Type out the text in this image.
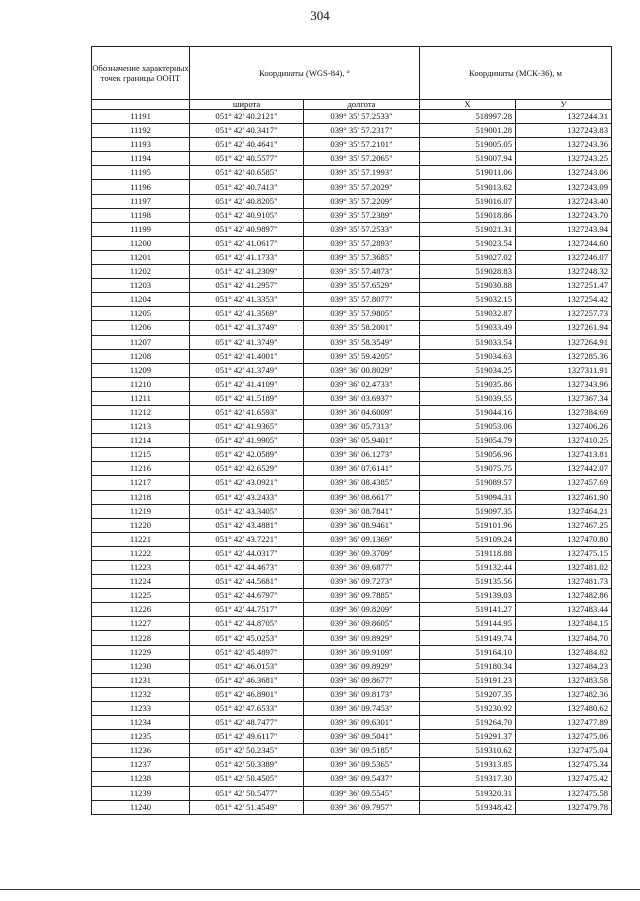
304
Обозначение характерных точек границы ООПТ	Координаты (WGS-84), °		Координаты (МСК-36), м	
	широта	долгота	X	У
11191	051° 42' 40.2121"	039° 35' 57.2533"	518997.28	1327244.31
11192	051° 42' 40.3417"	039° 35' 57.2317"	519001.28	1327243.83
11193	051° 42' 40.4641"	039° 35' 57.2101"	519005.05	1327243.36
11194	051° 42' 40.5577"	039° 35' 57.2065"	519007.94	1327243.25
11195	051° 42' 40.6585"	039° 35' 57.1993"	519011.06	1327243.06
11196	051° 42' 40.7413"	039° 35' 57.2029"	519013.62	1327243.09
11197	051° 42' 40.8205"	039° 35' 57.2209"	519016.07	1327243.40
11198	051° 42' 40.9105"	039° 35' 57.2389"	519018.86	1327243.70
11199	051° 42' 40.9897"	039° 35' 57.2533"	519021.31	1327243.94
11200	051° 42' 41.0617"	039° 35' 57.2893"	519023.54	1327244.60
11201	051° 42' 41.1733"	039° 35' 57.3685"	519027.02	1327246.07
11202	051° 42' 41.2309"	039° 35' 57.4873"	519028.83	1327248.32
11203	051° 42' 41.2957"	039° 35' 57.6529"	519030.88	1327251.47
11204	051° 42' 41.3353"	039° 35' 57.8077"	519032.15	1327254.42
11205	051° 42' 41.3569"	039° 35' 57.9805"	519032.87	1327257.73
11206	051° 42' 41.3749"	039° 35' 58.2001"	519033.49	1327261.94
11207	051° 42' 41.3749"	039° 35' 58.3549"	519033.54	1327264.91
11208	051° 42' 41.4001"	039° 35' 59.4205"	519034.63	1327285.36
11209	051° 42' 41.3749"	039° 36' 00.8029"	519034.25	1327311.91
11210	051° 42' 41.4109"	039° 36' 02.4733"	519035.86	1327343.96
11211	051° 42' 41.5189"	039° 36' 03.6937"	519039.55	1327367.34
11212	051° 42' 41.6593"	039° 36' 04.6009"	519044.16	1327384.69
11213	051° 42' 41.9365"	039° 36' 05.7313"	519053.06	1327406.26
11214	051° 42' 41.9905"	039° 36' 05.9401"	519054.79	1327410.25
11215	051° 42' 42.0589"	039° 36' 06.1273"	519056.96	1327413.81
11216	051° 42' 42.6529"	039° 36' 07.6141"	519075.75	1327442.07
11217	051° 42' 43.0921"	039° 36' 08.4385"	519089.57	1327457.69
11218	051° 42' 43.2433"	039° 36' 08.6617"	519094.31	1327461.90
11219	051° 42' 43.3405"	039° 36' 08.7841"	519097.35	1327464.21
11220	051° 42' 43.4881"	039° 36' 08.9461"	519101.96	1327467.25
11221	051° 42' 43.7221"	039° 36' 09.1369"	519109.24	1327470.80
11222	051° 42' 44.0317"	039° 36' 09.3709"	519118.88	1327475.15
11223	051° 42' 44.4673"	039° 36' 09.6877"	519132.44	1327481.02
11224	051° 42' 44.5681"	039° 36' 09.7273"	519135.56	1327481.73
11225	051° 42' 44.6797"	039° 36' 09.7885"	519139.03	1327482.86
11226	051° 42' 44.7517"	039° 36' 09.8209"	519141.27	1327483.44
11227	051° 42' 44.8705"	039° 36' 09.8605"	519144.95	1327484.15
11228	051° 42' 45.0253"	039° 36' 09.8929"	519149.74	1327484.70
11229	051° 42' 45.4897"	039° 36' 09.9109"	519164.10	1327484.82
11230	051° 42' 46.0153"	039° 36' 09.8929"	519180.34	1327484.23
11231	051° 42' 46.3681"	039° 36' 09.8677"	519191.23	1327483.58
11232	051° 42' 46.8901"	039° 36' 09.8173"	519207.35	1327482.36
11233	051° 42' 47.6533"	039° 36' 09.7453"	519230.92	1327480.62
11234	051° 42' 48.7477"	039° 36' 09.6301"	519264.70	1327477.89
11235	051° 42' 49.6117"	039° 36' 09.5041"	519291.37	1327475.06
11236	051° 42' 50.2345"	039° 36' 09.5185"	519310.62	1327475.04
11237	051° 42' 50.3389"	039° 36' 09.5365"	519313.85	1327475.34
11238	051° 42' 50.4505"	039° 36' 09.5437"	519317.30	1327475.42
11239	051° 42' 50.5477"	039° 36' 09.5545"	519320.31	1327475.58
11240	051° 42' 51.4549"	039° 36' 09.7957"	519348.42	1327479.78
